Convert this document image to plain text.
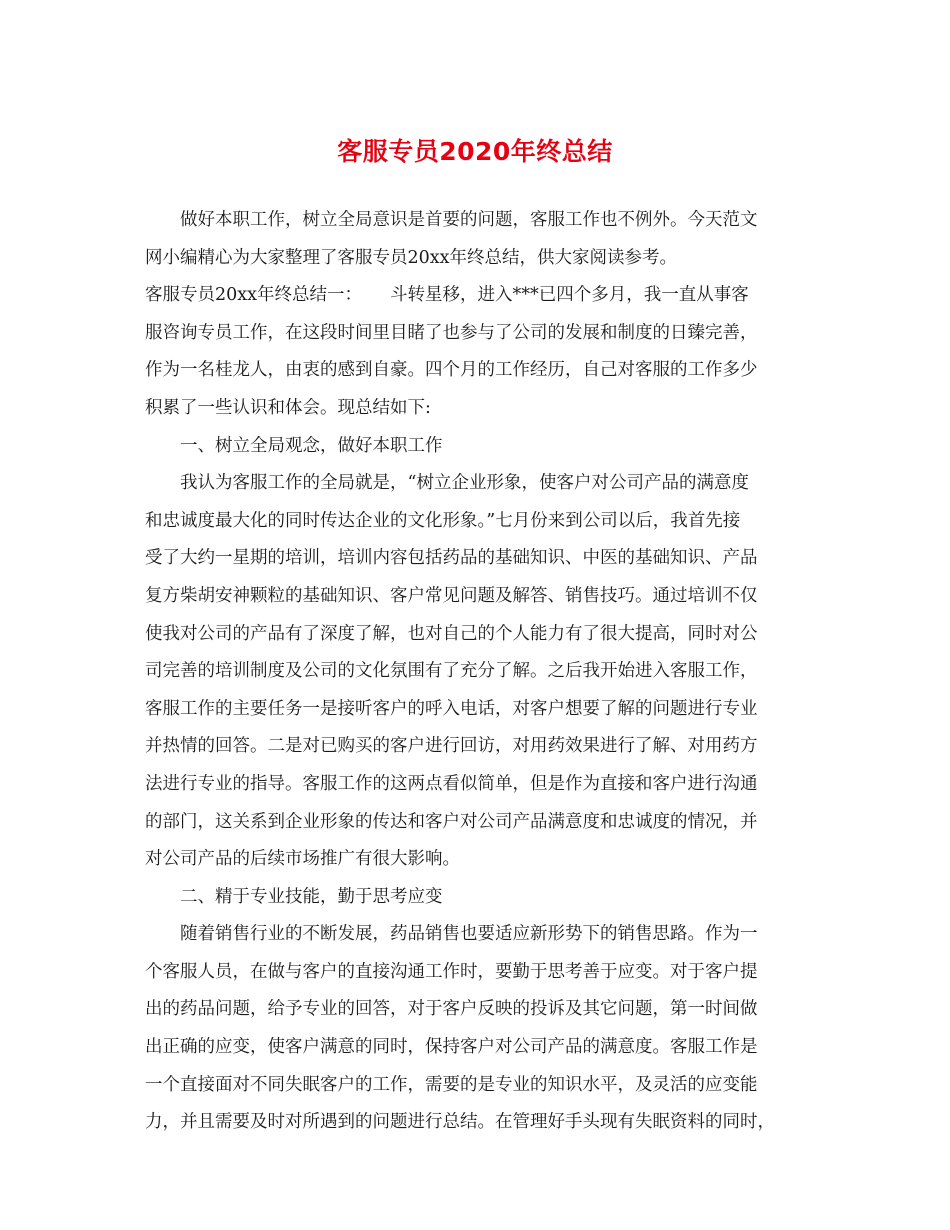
客服专员2020年终总结
做好本职工作，树立全局意识是首要的问题，客服工作也不例外。今天范文
网小编精心为大家整理了客服专员20xx年终总结，供大家阅读参考。
客服专员20xx年终总结一： 斗转星移，进入***已四个多月，我一直从事客
服咨询专员工作，在这段时间里目睹了也参与了公司的发展和制度的日臻完善，
作为一名桂龙人，由衷的感到自豪。四个月的工作经历，自己对客服的工作多少
积累了一些认识和体会。现总结如下:
一、树立全局观念，做好本职工作
我认为客服工作的全局就是，“树立企业形象，使客户对公司产品的满意度
和忠诚度最大化的同时传达企业的文化形象。”七月份来到公司以后，我首先接
受了大约一星期的培训，培训内容包括药品的基础知识、中医的基础知识、产品
复方柴胡安神颗粒的基础知识、客户常见问题及解答、销售技巧。通过培训不仅
使我对公司的产品有了深度了解，也对自己的个人能力有了很大提高，同时对公
司完善的培训制度及公司的文化氛围有了充分了解。之后我开始进入客服工作，
客服工作的主要任务一是接听客户的呼入电话，对客户想要了解的问题进行专业
并热情的回答。二是对已购买的客户进行回访，对用药效果进行了解、对用药方
法进行专业的指导。客服工作的这两点看似简单，但是作为直接和客户进行沟通
的部门，这关系到企业形象的传达和客户对公司产品满意度和忠诚度的情况，并
对公司产品的后续市场推广有很大影响。
二、精于专业技能，勤于思考应变
随着销售行业的不断发展，药品销售也要适应新形势下的销售思路。作为一
个客服人员，在做与客户的直接沟通工作时，要勤于思考善于应变。对于客户提
出的药品问题，给予专业的回答，对于客户反映的投诉及其它问题，第一时间做
出正确的应变，使客户满意的同时，保持客户对公司产品的满意度。客服工作是
一个直接面对不同失眠客户的工作，需要的是专业的知识水平，及灵活的应变能
力，并且需要及时对所遇到的问题进行总结。在管理好手头现有失眠资料的同时，
